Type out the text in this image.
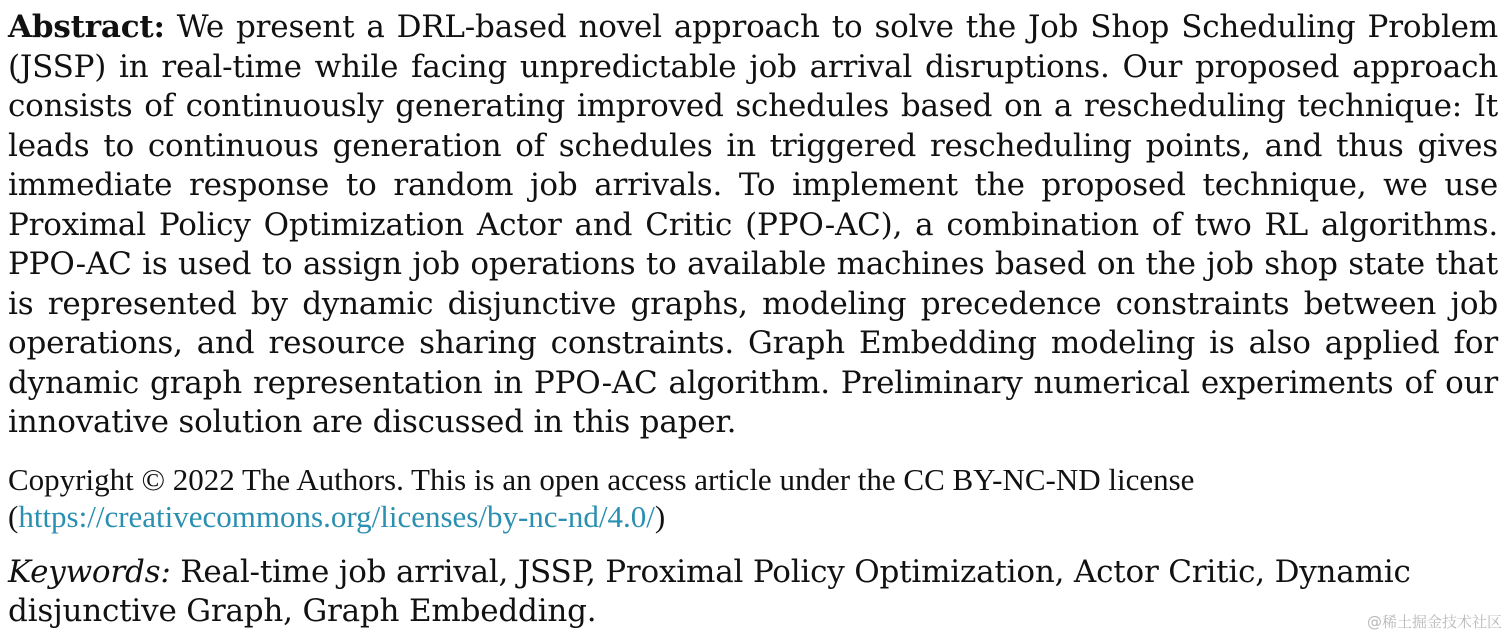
Abstract: We present a DRL-based novel approach to solve the Job Shop Scheduling Problem (JSSP) in real-time while facing unpredictable job arrival disruptions. Our proposed approach consists of continuously generating improved schedules based on a rescheduling technique: It leads to continuous generation of schedules in triggered rescheduling points, and thus gives immediate response to random job arrivals. To implement the proposed technique, we use Proximal Policy Optimization Actor and Critic (PPO-AC), a combination of two RL algorithms. PPO-AC is used to assign job operations to available machines based on the job shop state that is represented by dynamic disjunctive graphs, modeling precedence constraints between job operations, and resource sharing constraints. Graph Embedding modeling is also applied for dynamic graph representation in PPO-AC algorithm. Preliminary numerical experiments of our innovative solution are discussed in this paper.

Copyright © 2022 The Authors. This is an open access article under the CC BY-NC-ND license
(https://creativecommons.org/licenses/by-nc-nd/4.0/)
Keywords: Real-time job arrival, JSSP, Proximal Policy Optimization, Actor Critic, Dynamic disjunctive Graph, Graph Embedding.	@稀土掘金技术社区
